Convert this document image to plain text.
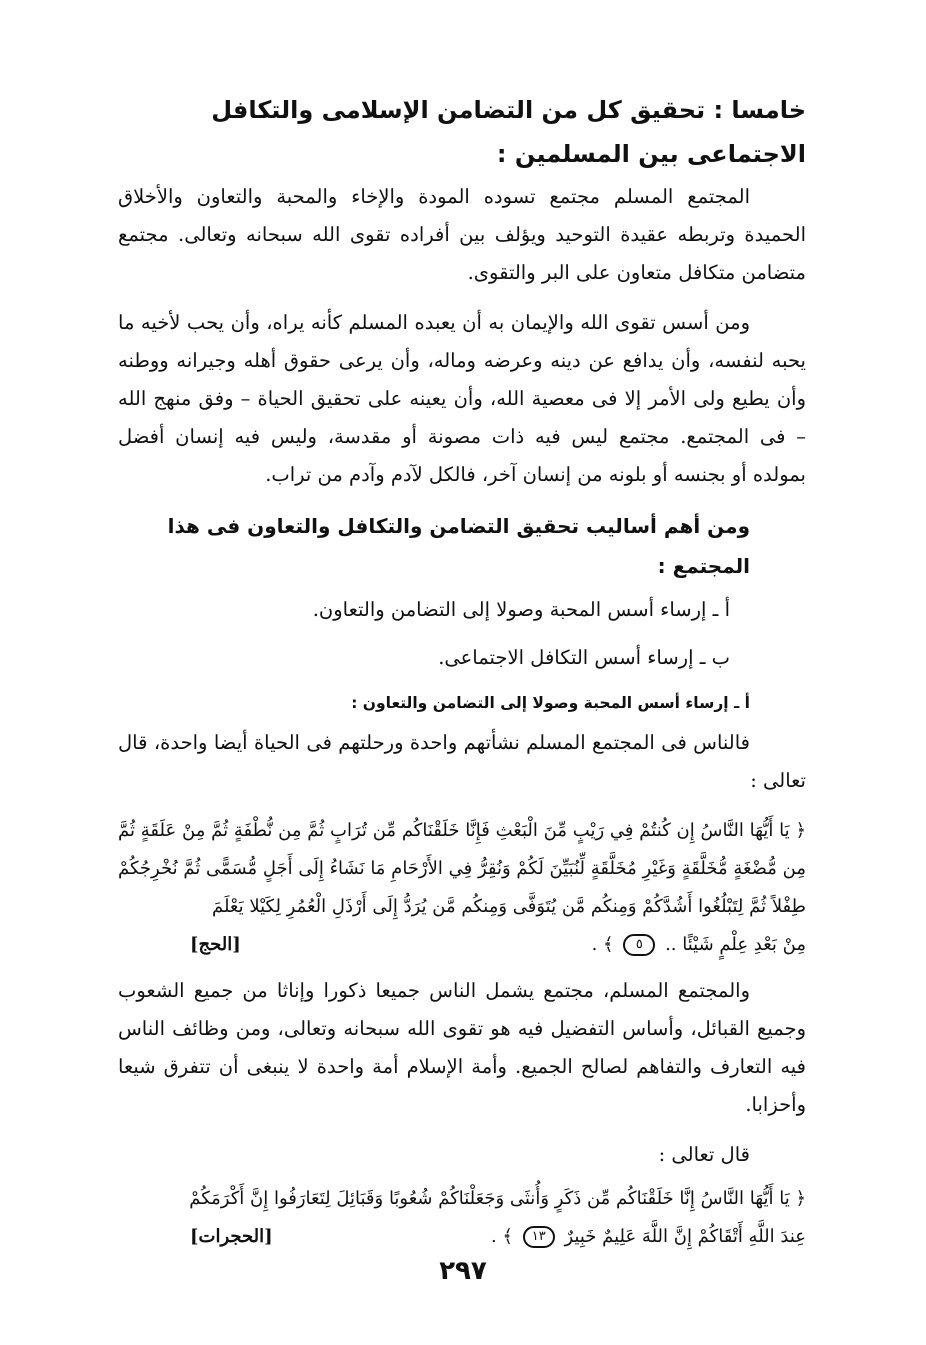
خامسا : تحقيق كل من التضامن الإسلامى والتكافل الاجتماعى بين المسلمين :

المجتمع المسلم مجتمع تسوده المودة والإخاء والمحبة والتعاون والأخلاق الحميدة وتربطه عقيدة التوحيد ويؤلف بين أفراده تقوى الله سبحانه وتعالى. مجتمع متضامن متكافل متعاون على البر والتقوى.

ومن أسس تقوى الله والإيمان به أن يعبده المسلم كأنه يراه، وأن يحب لأخيه ما يحبه لنفسه، وأن يدافع عن دينه وعرضه وماله، وأن يرعى حقوق أهله وجيرانه ووطنه وأن يطيع ولى الأمر إلا فى معصية الله، وأن يعينه على تحقيق الحياة – وفق منهج الله – فى المجتمع. مجتمع ليس فيه ذات مصونة أو مقدسة، وليس فيه إنسان أفضل بمولده أو بجنسه أو بلونه من إنسان آخر، فالكل لآدم وآدم من تراب.

ومن أهم أساليب تحقيق التضامن والتكافل والتعاون فى هذا المجتمع :
أ ـ إرساء أسس المحبة وصولا إلى التضامن والتعاون.
ب ـ إرساء أسس التكافل الاجتماعى.
أ ـ إرساء أسس المحبة وصولا إلى التضامن والتعاون :

فالناس فى المجتمع المسلم نشأتهم واحدة ورحلتهم فى الحياة أيضا واحدة، قال تعالى :

﴿ يَا أَيُّهَا النَّاسُ إِن كُنتُمْ فِي رَيْبٍ مِّنَ الْبَعْثِ فَإِنَّا خَلَقْنَاكُم مِّن تُرَابٍ ثُمَّ مِن نُّطْفَةٍ ثُمَّ مِنْ عَلَقَةٍ ثُمَّ مِن مُّضْغَةٍ مُّخَلَّقَةٍ وَغَيْرِ مُخَلَّقَةٍ لِّنُبَيِّنَ لَكُمْ وَنُقِرُّ فِي الأَرْحَامِ مَا نَشَاءُ إِلَى أَجَلٍ مُّسَمًّى ثُمَّ نُخْرِجُكُمْ طِفْلاً ثُمَّ لِتَبْلُغُوا أَشُدَّكُمْ وَمِنكُم مَّن يُتَوَفَّى وَمِنكُم مَّن يُرَدُّ إِلَى أَرْذَلِ الْعُمُرِ لِكَيْلا يَعْلَمَ
مِنْ بَعْدِ عِلْمٍ شَيْئًا .. ٥ ﴾ .
[الحج]

والمجتمع المسلم، مجتمع يشمل الناس جميعا ذكورا وإناثا من جميع الشعوب وجميع القبائل، وأساس التفضيل فيه هو تقوى الله سبحانه وتعالى، ومن وظائف الناس فيه التعارف والتفاهم لصالح الجميع. وأمة الإسلام أمة واحدة لا ينبغى أن تتفرق شيعا وأحزابا.

قال تعالى :
﴿ يَا أَيُّهَا النَّاسُ إِنَّا خَلَقْنَاكُم مِّن ذَكَرٍ وَأُنثَى وَجَعَلْنَاكُمْ شُعُوبًا وَقَبَائِلَ لِتَعَارَفُوا إِنَّ أَكْرَمَكُمْ
عِندَ اللَّهِ أَتْقَاكُمْ إِنَّ اللَّهَ عَلِيمٌ خَبِيرٌ ١٣ ﴾ .
[الحجرات]
٢٩٧
